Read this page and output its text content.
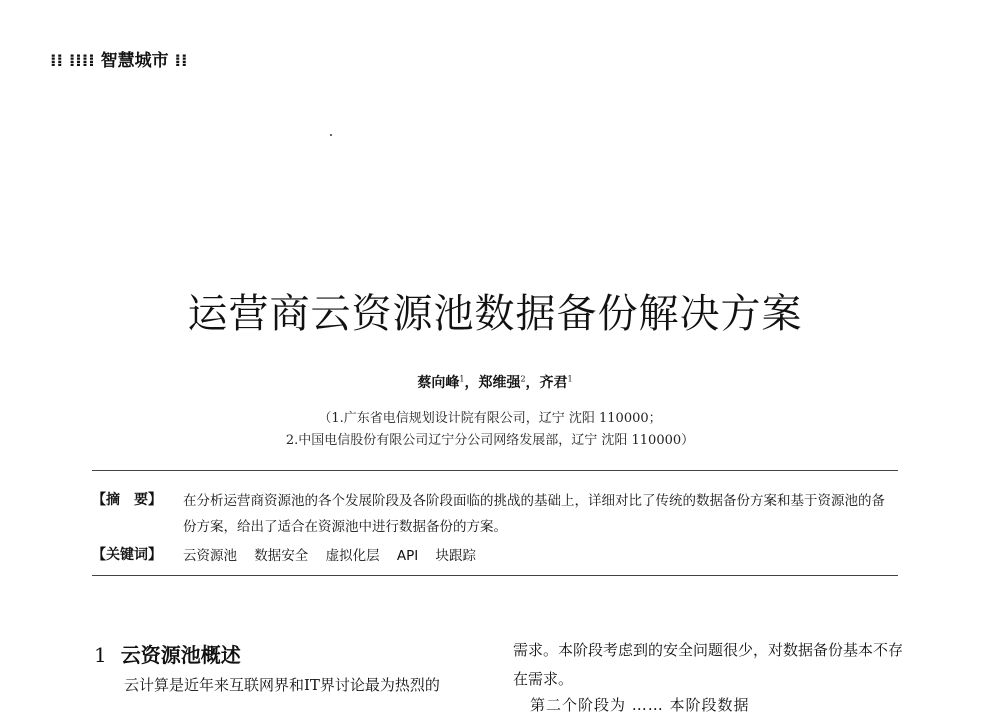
⁞⁞ ⁞⁞⁞⁞ 智慧城市 ⁞⁞
运营商云资源池数据备份解决方案
蔡向峰$^1$，郑维强$^2$，齐君$^1$
（1.广东省电信规划设计院有限公司，辽宁 沈阳 110000；
2.中国电信股份有限公司辽宁分公司网络发展部，辽宁 沈阳 110000）
【摘　要】 在分析运营商资源池的各个发展阶段及各阶段面临的挑战的基础上，详细对比了传统的数据备份方案和基于资源池的备份方案，给出了适合在资源池中进行数据备份的方案。
【关键词】 云资源池 数据安全 虚拟化层 API 块跟踪
1 云资源池概述
云计算是近年来互联网界和IT界讨论最为热烈的
需求。本阶段考虑到的安全问题很少，对数据备份基本不存在需求。
第二个阶段为 …… 本阶段数据
